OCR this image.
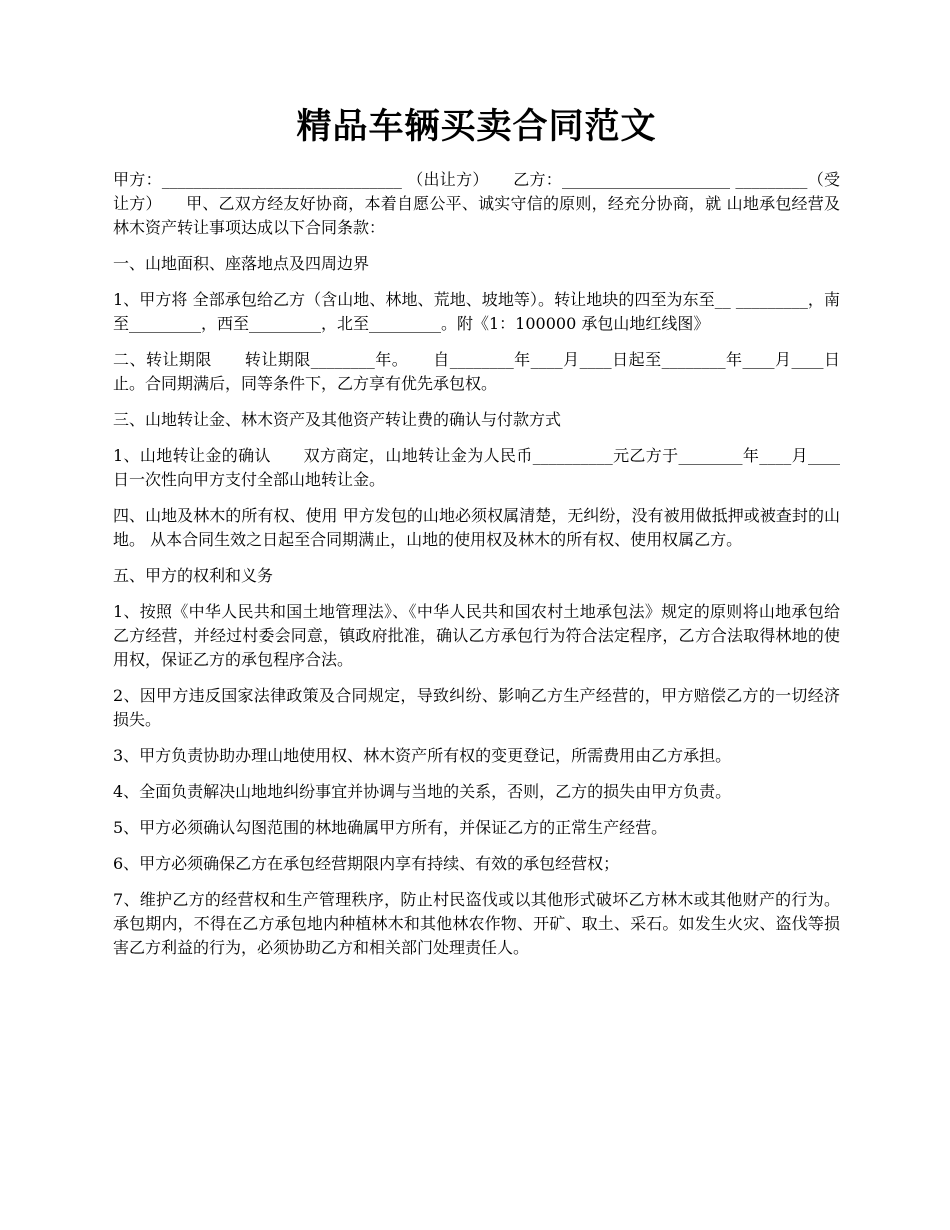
精品车辆买卖合同范文

甲方：______________________________ （出让方）　　乙方：_____________________ _________（受让方）　　甲、乙双方经友好协商，本着自愿公平、诚实守信的原则，经充分协商，就 山地承包经营及林木资产转让事项达成以下合同条款：

一、山地面积、座落地点及四周边界

1、甲方将 全部承包给乙方（含山地、林地、荒地、坡地等）。转让地块的四至为东至__ _________，南至_________，西至_________，北至_________。附《1：100000 承包山地红线图》

二、转让期限　　转让期限________年。　　自________年____月____日起至________年____月____日止。合同期满后，同等条件下，乙方享有优先承包权。

三、山地转让金、林木资产及其他资产转让费的确认与付款方式

1、山地转让金的确认　　双方商定，山地转让金为人民币__________元乙方于________年____月____日一次性向甲方支付全部山地转让金。

四、山地及林木的所有权、使用 甲方发包的山地必须权属清楚，无纠纷，没有被用做抵押或被查封的山地。 从本合同生效之日起至合同期满止，山地的使用权及林木的所有权、使用权属乙方。

五、甲方的权利和义务

1、按照《中华人民共和国土地管理法》、《中华人民共和国农村土地承包法》规定的原则将山地承包给乙方经营，并经过村委会同意，镇政府批准，确认乙方承包行为符合法定程序，乙方合法取得林地的使用权，保证乙方的承包程序合法。

2、因甲方违反国家法律政策及合同规定，导致纠纷、影响乙方生产经营的，甲方赔偿乙方的一切经济损失。

3、甲方负责协助办理山地使用权、林木资产所有权的变更登记，所需费用由乙方承担。

4、全面负责解决山地地纠纷事宜并协调与当地的关系，否则，乙方的损失由甲方负责。

5、甲方必须确认勾图范围的林地确属甲方所有，并保证乙方的正常生产经营。

6、甲方必须确保乙方在承包经营期限内享有持续、有效的承包经营权；

7、维护乙方的经营权和生产管理秩序，防止村民盗伐或以其他形式破坏乙方林木或其他财产的行为。承包期内，不得在乙方承包地内种植林木和其他林农作物、开矿、取土、采石。如发生火灾、盗伐等损害乙方利益的行为，必须协助乙方和相关部门处理责任人。
